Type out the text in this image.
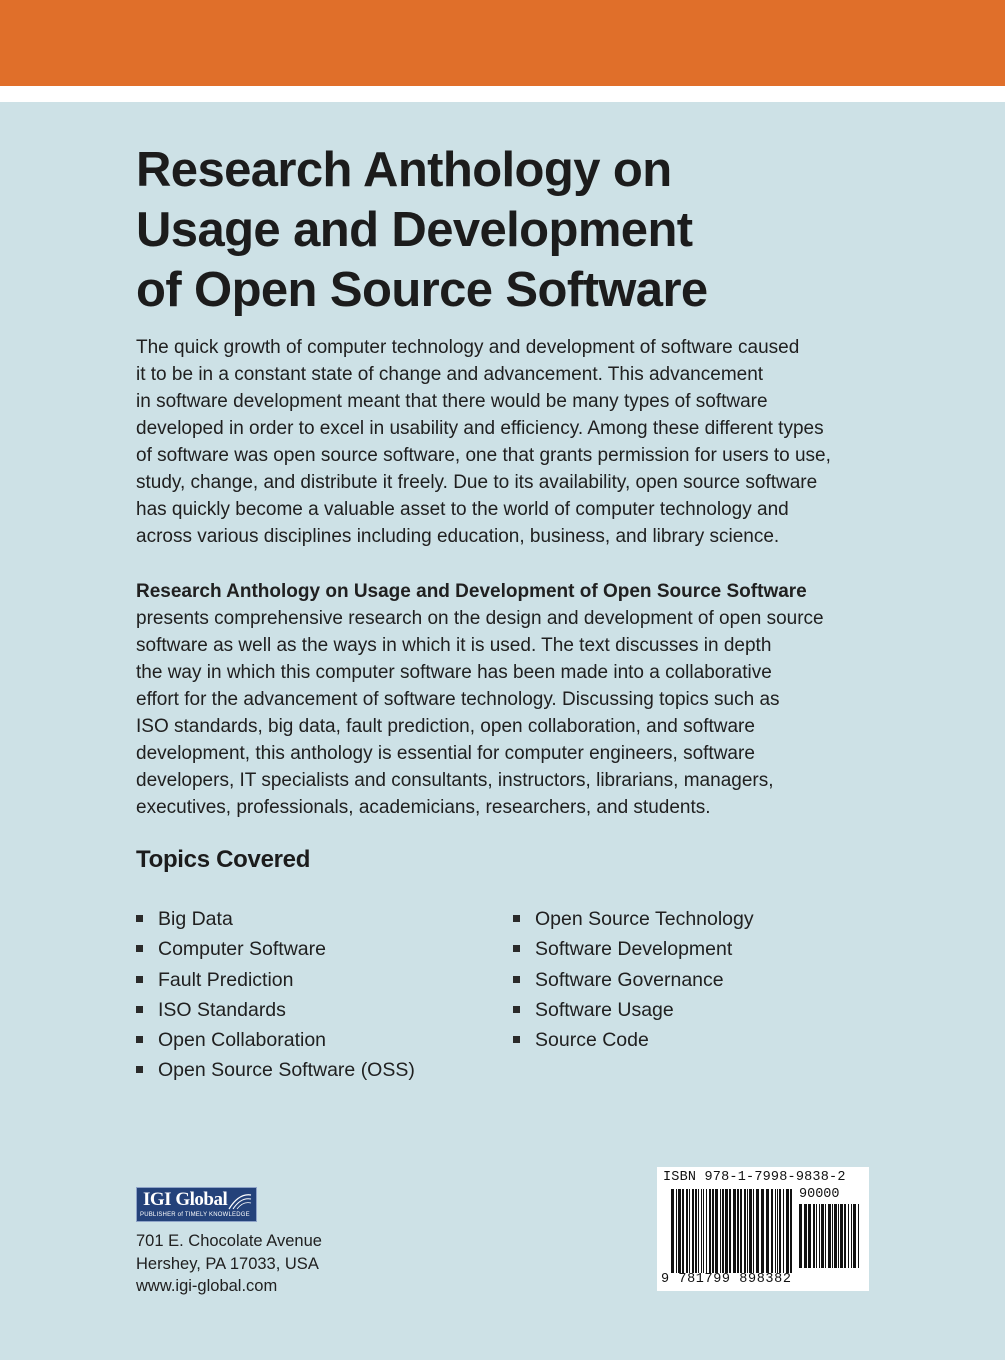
Research Anthology on
Usage and Development
of Open Source Software
The quick growth of computer technology and development of software caused
it to be in a constant state of change and advancement. This advancement
in software development meant that there would be many types of software
developed in order to excel in usability and efficiency. Among these different types
of software was open source software, one that grants permission for users to use,
study, change, and distribute it freely. Due to its availability, open source software
has quickly become a valuable asset to the world of computer technology and
across various disciplines including education, business, and library science.
Research Anthology on Usage and Development of Open Source Software
presents comprehensive research on the design and development of open source
software as well as the ways in which it is used. The text discusses in depth
the way in which this computer software has been made into a collaborative
effort for the advancement of software technology. Discussing topics such as
ISO standards, big data, fault prediction, open collaboration, and software
development, this anthology is essential for computer engineers, software
developers, IT specialists and consultants, instructors, librarians, managers,
executives, professionals, academicians, researchers, and students.
Topics Covered
Big Data
Computer Software
Fault Prediction
ISO Standards
Open Collaboration
Open Source Software (OSS)
Open Source Technology
Software Development
Software Governance
Software Usage
Source Code
IGI Global
PUBLISHER of TIMELY KNOWLEDGE
701 E. Chocolate Avenue
Hershey, PA 17033, USA
www.igi-global.com
ISBN 978-1-7998-9838-2
90000
9 781799 898382
